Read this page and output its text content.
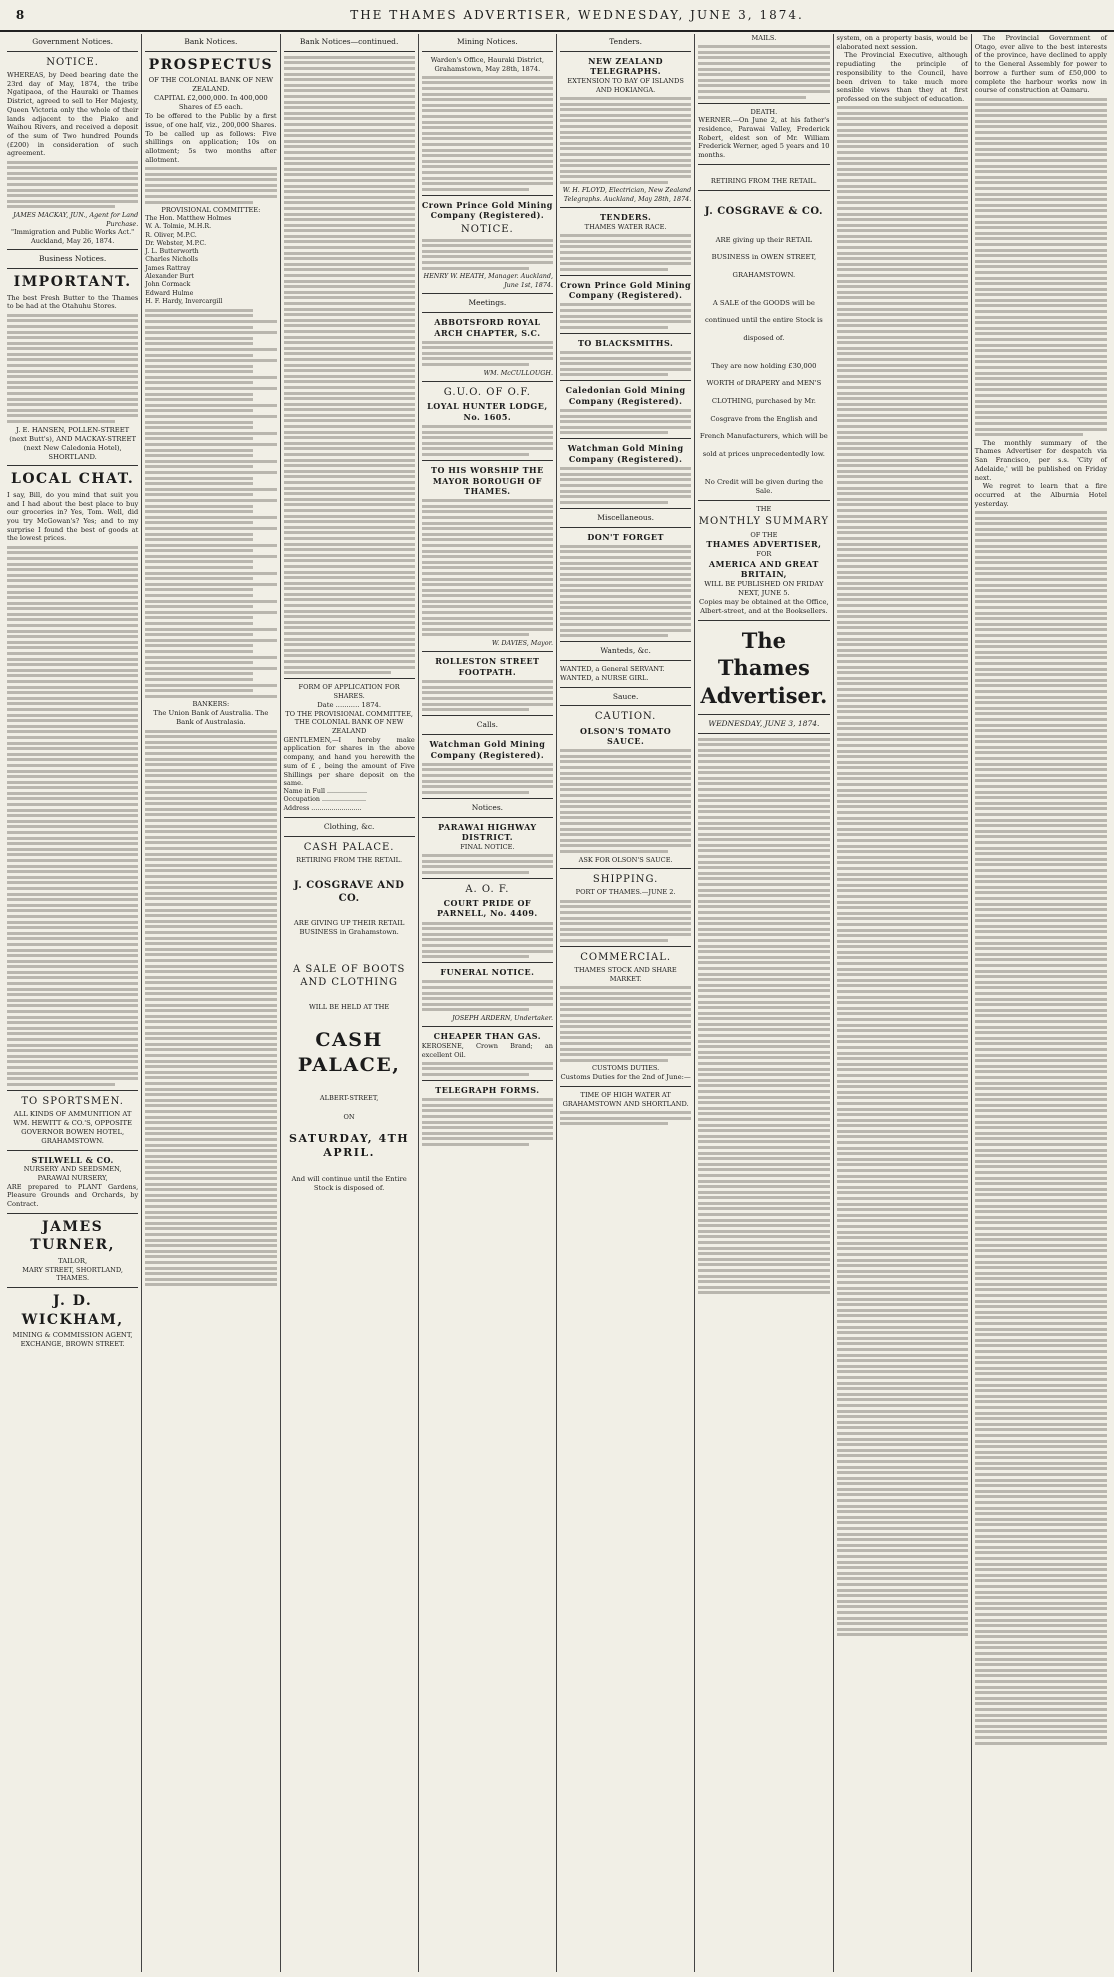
8	THE THAMES ADVERTISER, WEDNESDAY, JUNE 3, 1874.
Government Notices.
NOTICE.
WHEREAS, by Deed bearing date the 23rd day of May, 1874, the tribe Ngatipaoa, of the Hauraki or Thames District, agreed to sell to Her Majesty, Queen Victoria only the whole of their lands adjacent to the Piako and Waihou Rivers, and received a deposit of the sum of Two hundred Pounds (£200) in consideration of such agreement.
JAMES MACKAY, JUN., Agent for Land Purchase.
"Immigration and Public Works Act." Auckland, May 26, 1874.
Business Notices.
IMPORTANT.
The best Fresh Butter to the Thames to be had at the Otahuhu Stores.
J. E. HANSEN, POLLEN-STREET (next Butt's), AND MACKAY-STREET (next New Caledonia Hotel), SHORTLAND.
LOCAL CHAT.
I say, Bill, do you mind that suit you and I had about the best place to buy our groceries in? Yes, Tom. Well, did you try McGowan's? Yes; and to my surprise I found the best of goods at the lowest prices.
TO SPORTSMEN.
ALL KINDS OF AMMUNITION AT WM. HEWITT & CO.'S, OPPOSITE GOVERNOR BOWEN HOTEL, GRAHAMSTOWN.
STILWELL & CO.
NURSERY AND SEEDSMEN, PARAWAI NURSERY,
ARE prepared to PLANT Gardens, Pleasure Grounds and Orchards, by Contract.
JAMES TURNER,
TAILOR,
MARY STREET, SHORTLAND, THAMES.
J. D. WICKHAM,
MINING & COMMISSION AGENT,
EXCHANGE, BROWN STREET.
Bank Notices.
PROSPECTUS
OF THE COLONIAL BANK OF NEW ZEALAND.
CAPITAL £2,000,000. In 400,000 Shares of £5 each.
To be offered to the Public by a first issue, of one half, viz., 200,000 Shares. To be called up as follows: Five shillings on application; 10s on allotment; 5s two months after allotment.
PROVISIONAL COMMITTEE:
The Hon. Matthew Holmes
W. A. Tolmie, M.H.R.
R. Oliver, M.P.C.
Dr. Webster, M.P.C.
J. L. Butterworth
Charles Nicholls
James Rattray
Alexander Burt
John Cormack
Edward Hulme
H. F. Hardy, Invercargill
BANKERS:
The Union Bank of Australia. The Bank of Australasia.
Bank Notices—continued.
FORM OF APPLICATION FOR SHARES.
Date ........... 1874.
TO THE PROVISIONAL COMMITTEE, THE COLONIAL BANK OF NEW ZEALAND
GENTLEMEN,—I hereby make application for shares in the above company, and hand you herewith the sum of £ , being the amount of Five Shillings per share deposit on the same.
Name in Full ....................
Occupation ......................
Address .........................
Clothing, &c.
CASH PALACE.
RETIRING FROM THE RETAIL.
J. COSGRAVE AND CO.
ARE GIVING UP THEIR RETAIL BUSINESS in Grahamstown.
A SALE OF BOOTS AND CLOTHING
WILL BE HELD AT THE
CASH PALACE,
ALBERT-STREET,
ON
SATURDAY, 4TH APRIL.
And will continue until the Entire Stock is disposed of.
Mining Notices.
Warden's Office, Hauraki District, Grahamstown, May 28th, 1874.
Crown Prince Gold Mining Company (Registered).
NOTICE.
HENRY W. HEATH, Manager. Auckland, June 1st, 1874.
Meetings.
ABBOTSFORD ROYAL ARCH CHAPTER, S.C.
WM. McCULLOUGH.
G.U.O. OF O.F.
LOYAL HUNTER LODGE, No. 1605.
TO HIS WORSHIP THE MAYOR BOROUGH OF THAMES.
W. DAVIES, Mayor.
ROLLESTON STREET FOOTPATH.
Calls.
Watchman Gold Mining Company (Registered).
Notices.
PARAWAI HIGHWAY DISTRICT.
FINAL NOTICE.
A. O. F.
COURT PRIDE OF PARNELL, No. 4409.
FUNERAL NOTICE.
JOSEPH ARDERN, Undertaker.
CHEAPER THAN GAS.
KEROSENE, Crown Brand; an excellent Oil.
TELEGRAPH FORMS.
Tenders.
NEW ZEALAND TELEGRAPHS.
EXTENSION TO BAY OF ISLANDS AND HOKIANGA.
W. H. FLOYD, Electrician, New Zealand Telegraphs. Auckland, May 28th, 1874.
TENDERS.
THAMES WATER RACE.
Crown Prince Gold Mining Company (Registered).
TO BLACKSMITHS.
Caledonian Gold Mining Company (Registered).
Watchman Gold Mining Company (Registered).
Miscellaneous.
DON'T FORGET
Wanteds, &c.
WANTED, a General SERVANT.
WANTED, a NURSE GIRL.
Sauce.
CAUTION.
OLSON'S TOMATO SAUCE.
ASK FOR OLSON'S SAUCE.
SHIPPING.
PORT OF THAMES.—JUNE 2.
COMMERCIAL.
THAMES STOCK AND SHARE MARKET.
CUSTOMS DUTIES.
Customs Duties for the 2nd of June:—
TIME OF HIGH WATER AT GRAHAMSTOWN AND SHORTLAND.
MAILS.
DEATH.
WERNER.—On June 2, at his father's residence, Parawai Valley, Frederick Robert, eldest son of Mr. William Frederick Werner, aged 5 years and 10 months.
RETIRING FROM THE RETAIL.
J. COSGRAVE & CO.
ARE giving up their RETAIL BUSINESS in OWEN STREET, GRAHAMSTOWN.
A SALE of the GOODS will be continued until the entire Stock is disposed of.
They are now holding £30,000 WORTH of DRAPERY and MEN'S CLOTHING, purchased by Mr. Cosgrave from the English and French Manufacturers, which will be sold at prices unprecedentedly low.
No Credit will be given during the Sale.
THE
MONTHLY SUMMARY
OF THE
THAMES ADVERTISER,
FOR
AMERICA AND GREAT BRITAIN,
WILL BE PUBLISHED ON FRIDAY NEXT, JUNE 5.
Copies may be obtained at the Office, Albert-street, and at the Booksellers.
The Thames Advertiser.
WEDNESDAY, JUNE 3, 1874.
system, on a property basis, would be elaborated next session.
The Provincial Executive, although repudiating the principle of responsibility to the Council, have been driven to take much more sensible views than they at first professed on the subject of education.
The Provincial Government of Otago, ever alive to the best interests of the province, have declined to apply to the General Assembly for power to borrow a further sum of £50,000 to complete the harbour works now in course of construction at Oamaru.
The monthly summary of the Thames Advertiser for despatch via San Francisco, per s.s. 'City of Adelaide,' will be published on Friday next.
We regret to learn that a fire occurred at the Alburnia Hotel yesterday.
